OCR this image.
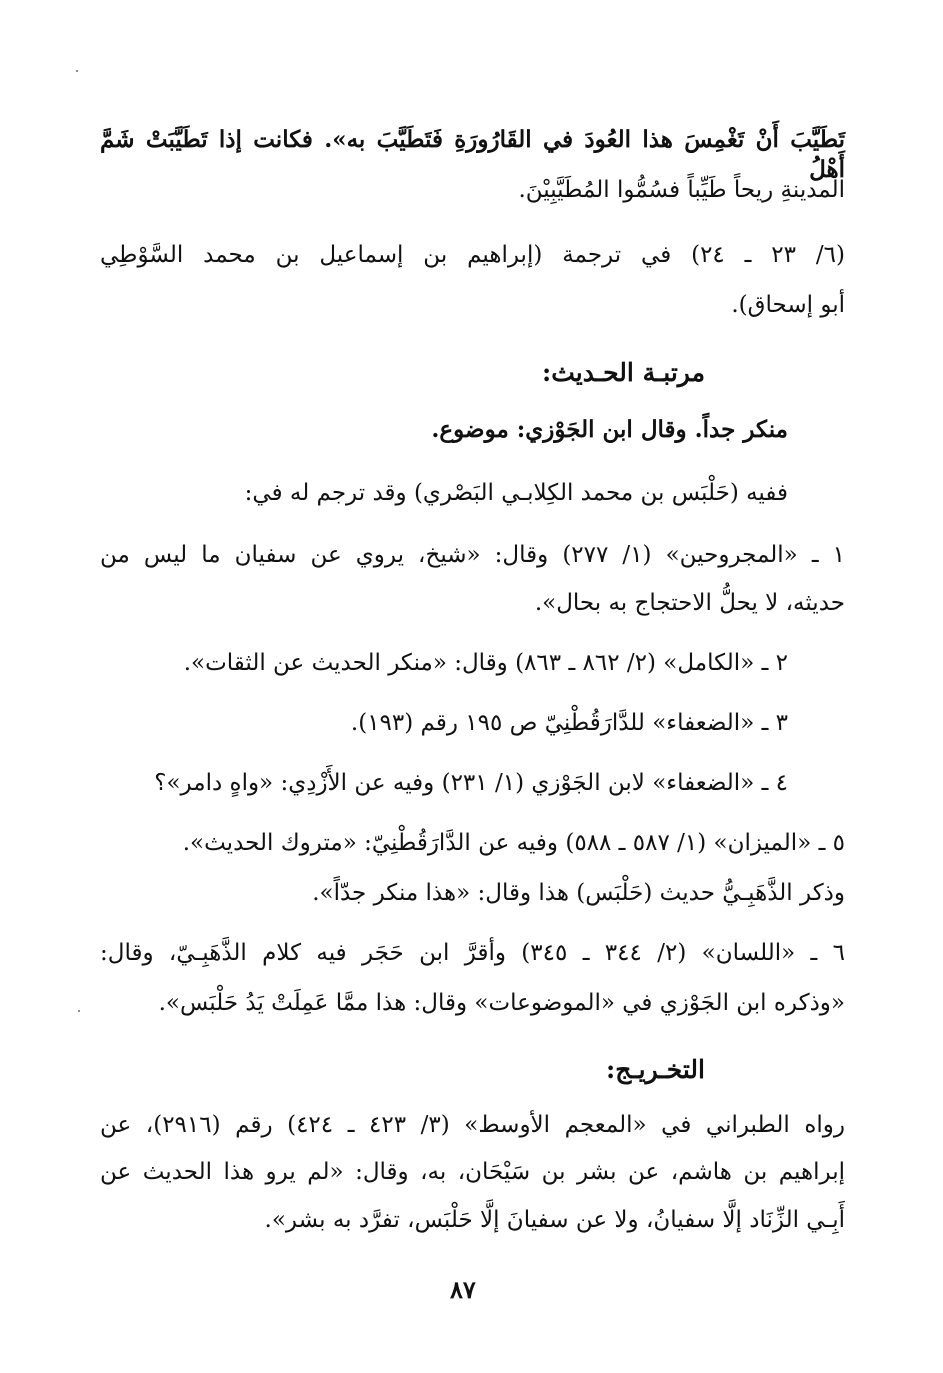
تَطَيَّبَ أَنْ تَغْمِسَ هذا العُودَ في القَارُورَةِ فَتَطَيَّبَ به». فكانت إذا تَطَيَّبَتْ شَمَّ أَهْلُ
المدينةِ ريحاً طَيِّباً فسُمُّوا المُطَيَّبِيْنَ.
(٦/ ٢٣ ـ ٢٤) في ترجمة (إبراهيم بن إسماعيل بن محمد السَّوْطِي
أبو إسحاق).
مرتبـة الحـديث:
منكر جداً. وقال ابن الجَوْزي: موضوع.
ففيه (حَلْبَس بن محمد الكِلابـي البَصْري) وقد ترجم له في:
١ ـ «المجروحين» (١/ ٢٧٧) وقال: «شيخ، يروي عن سفيان ما ليس من
حديثه، لا يحلُّ الاحتجاج به بحال».
٢ ـ «الكامل» (٢/ ٨٦٢ ـ ٨٦٣) وقال: «منكر الحديث عن الثقات».
٣ ـ «الضعفاء» للدَّارَقُطْنِيّ ص ١٩٥ رقم (١٩٣).
٤ ـ «الضعفاء» لابن الجَوْزي (١/ ٢٣١) وفيه عن الأَزْدِي: «واهٍ دامر»؟
٥ ـ «الميزان» (١/ ٥٨٧ ـ ٥٨٨) وفيه عن الدَّارَقُطْنِيّ: «متروك الحديث».
وذكر الذَّهَبِـيُّ حديث (حَلْبَس) هذا وقال: «هذا منكر جدّاً».
٦ ـ «اللسان» (٢/ ٣٤٤ ـ ٣٤٥) وأقرَّ ابن حَجَر فيه كلام الذَّهَبِـيّ، وقال:
«وذكره ابن الجَوْزي في «الموضوعات» وقال: هذا ممَّا عَمِلَتْ يَدُ حَلْبَس».
التخـريـج:
رواه الطبراني في «المعجم الأوسط» (٣/ ٤٢٣ ـ ٤٢٤) رقم (٢٩١٦)، عن
إبراهيم بن هاشم، عن بشر بن سَيْحَان، به، وقال: «لم يرو هذا الحديث عن
أَبِـي الزِّنَاد إلَّا سفيانُ، ولا عن سفيانَ إلَّا حَلْبَس، تفرَّد به بشر».
٨٧
